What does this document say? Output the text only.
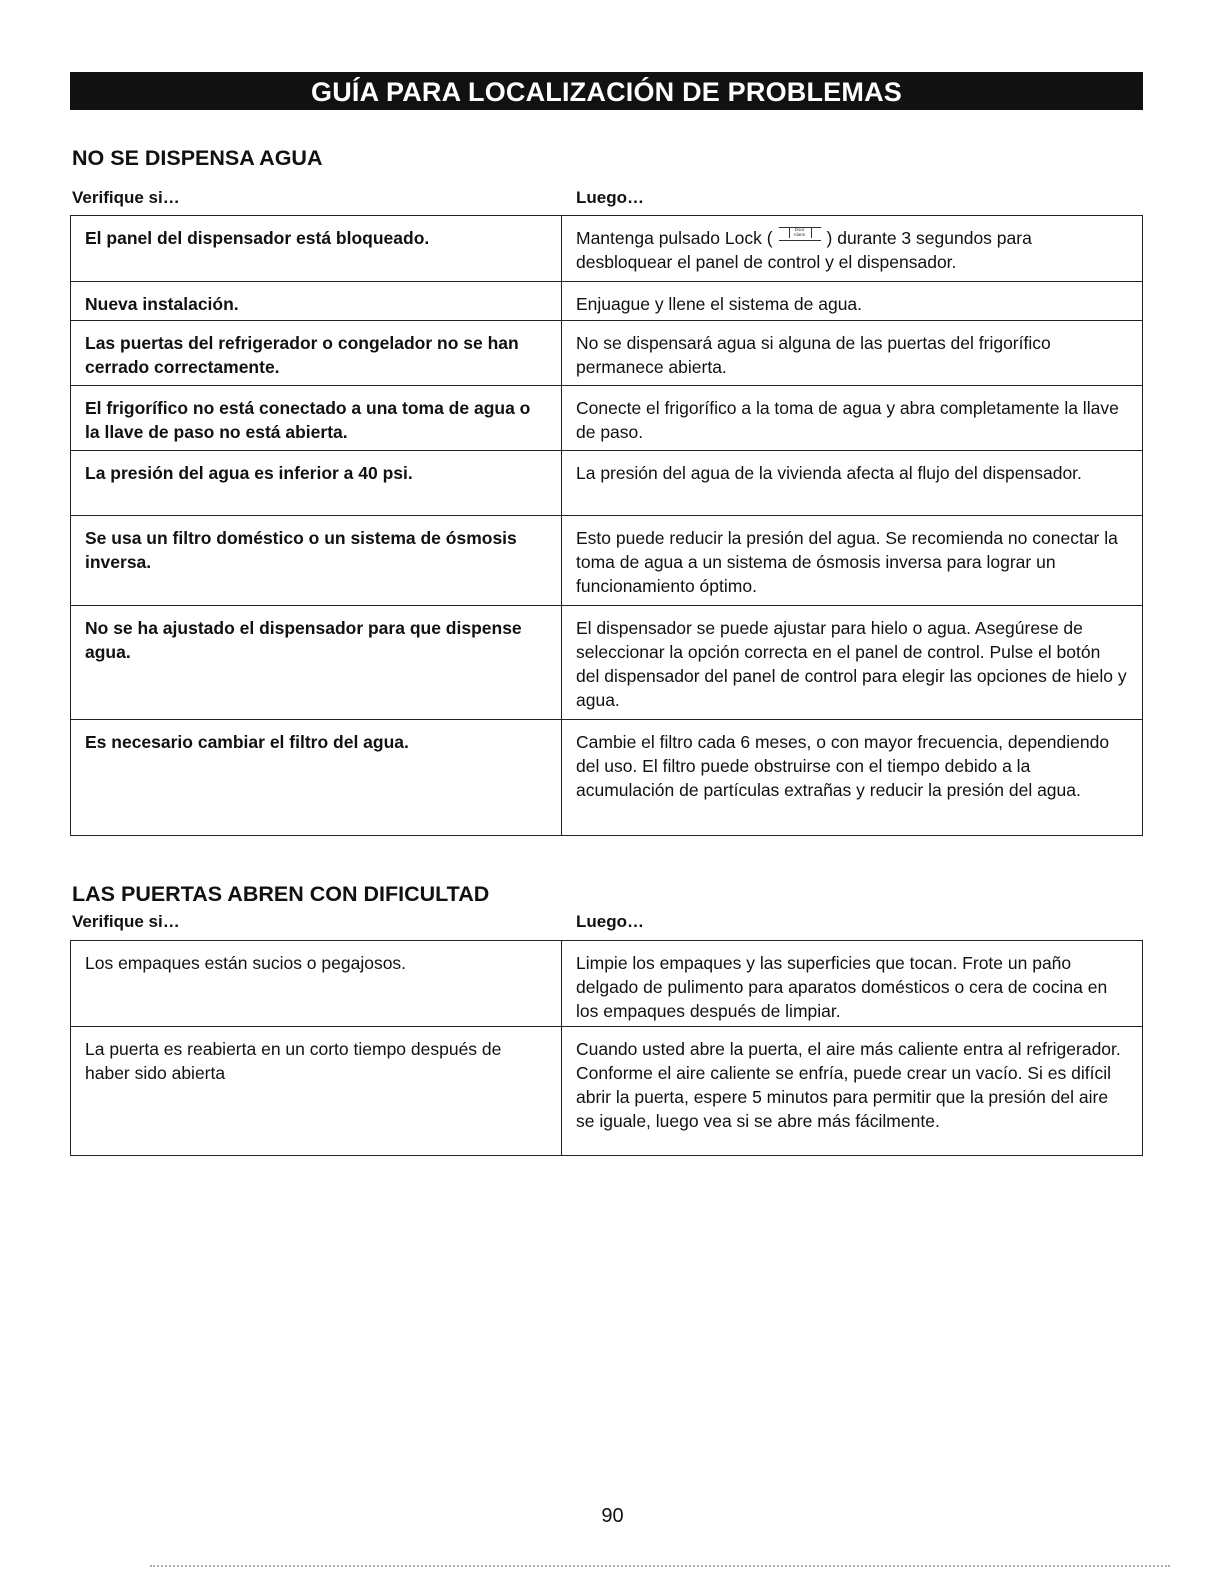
GUÍA PARA LOCALIZACIÓN DE PROBLEMAS
NO SE DISPENSA AGUA
Verifique si…	Luego…
El panel del dispensador está bloqueado.	Mantenga pulsado Lock ( Door
Alarm ) durante 3 segundos para desbloquear el panel de control y el dispensador.

Nueva instalación.	Enjuague y llene el sistema de agua.

Las puertas del refrigerador o congelador no se han cerrado correctamente.	No se dispensará agua si alguna de las puertas del frigorífico permanece abierta.

El frigorífico no está conectado a una toma de agua o la llave de paso no está abierta.	Conecte el frigorífico a la toma de agua y abra completamente la llave de paso.

La presión del agua es inferior a 40 psi.	La presión del agua de la vivienda afecta al flujo del dispensador.

Se usa un filtro doméstico o un sistema de ósmosis inversa.	Esto puede reducir la presión del agua. Se recomienda no conectar la toma de agua a un sistema de ósmosis inversa para lograr un funcionamiento óptimo.

No se ha ajustado el dispensador para que dispense agua.	El dispensador se puede ajustar para hielo o agua. Asegúrese de seleccionar la opción correcta en el panel de control. Pulse el botón del dispensador del panel de control para elegir las opciones de hielo y agua.

Es necesario cambiar el filtro del agua.	Cambie el filtro cada 6 meses, o con mayor frecuencia, dependiendo del uso. El filtro puede obstruirse con el tiempo debido a la acumulación de partículas extrañas y reducir la presión del agua.
LAS PUERTAS ABREN CON DIFICULTAD
Verifique si…	Luego…
Los empaques están sucios o pegajosos.	Limpie los empaques y las superficies que tocan. Frote un paño delgado de pulimento para aparatos domésticos o cera de cocina en los empaques después de limpiar.

La puerta es reabierta en un corto tiempo después de haber sido abierta	Cuando usted abre la puerta, el aire más caliente entra al refrigerador. Conforme el aire caliente se enfría, puede crear un vacío. Si es difícil abrir la puerta, espere 5 minutos para permitir que la presión del aire se iguale, luego vea si se abre más fácilmente.
90
